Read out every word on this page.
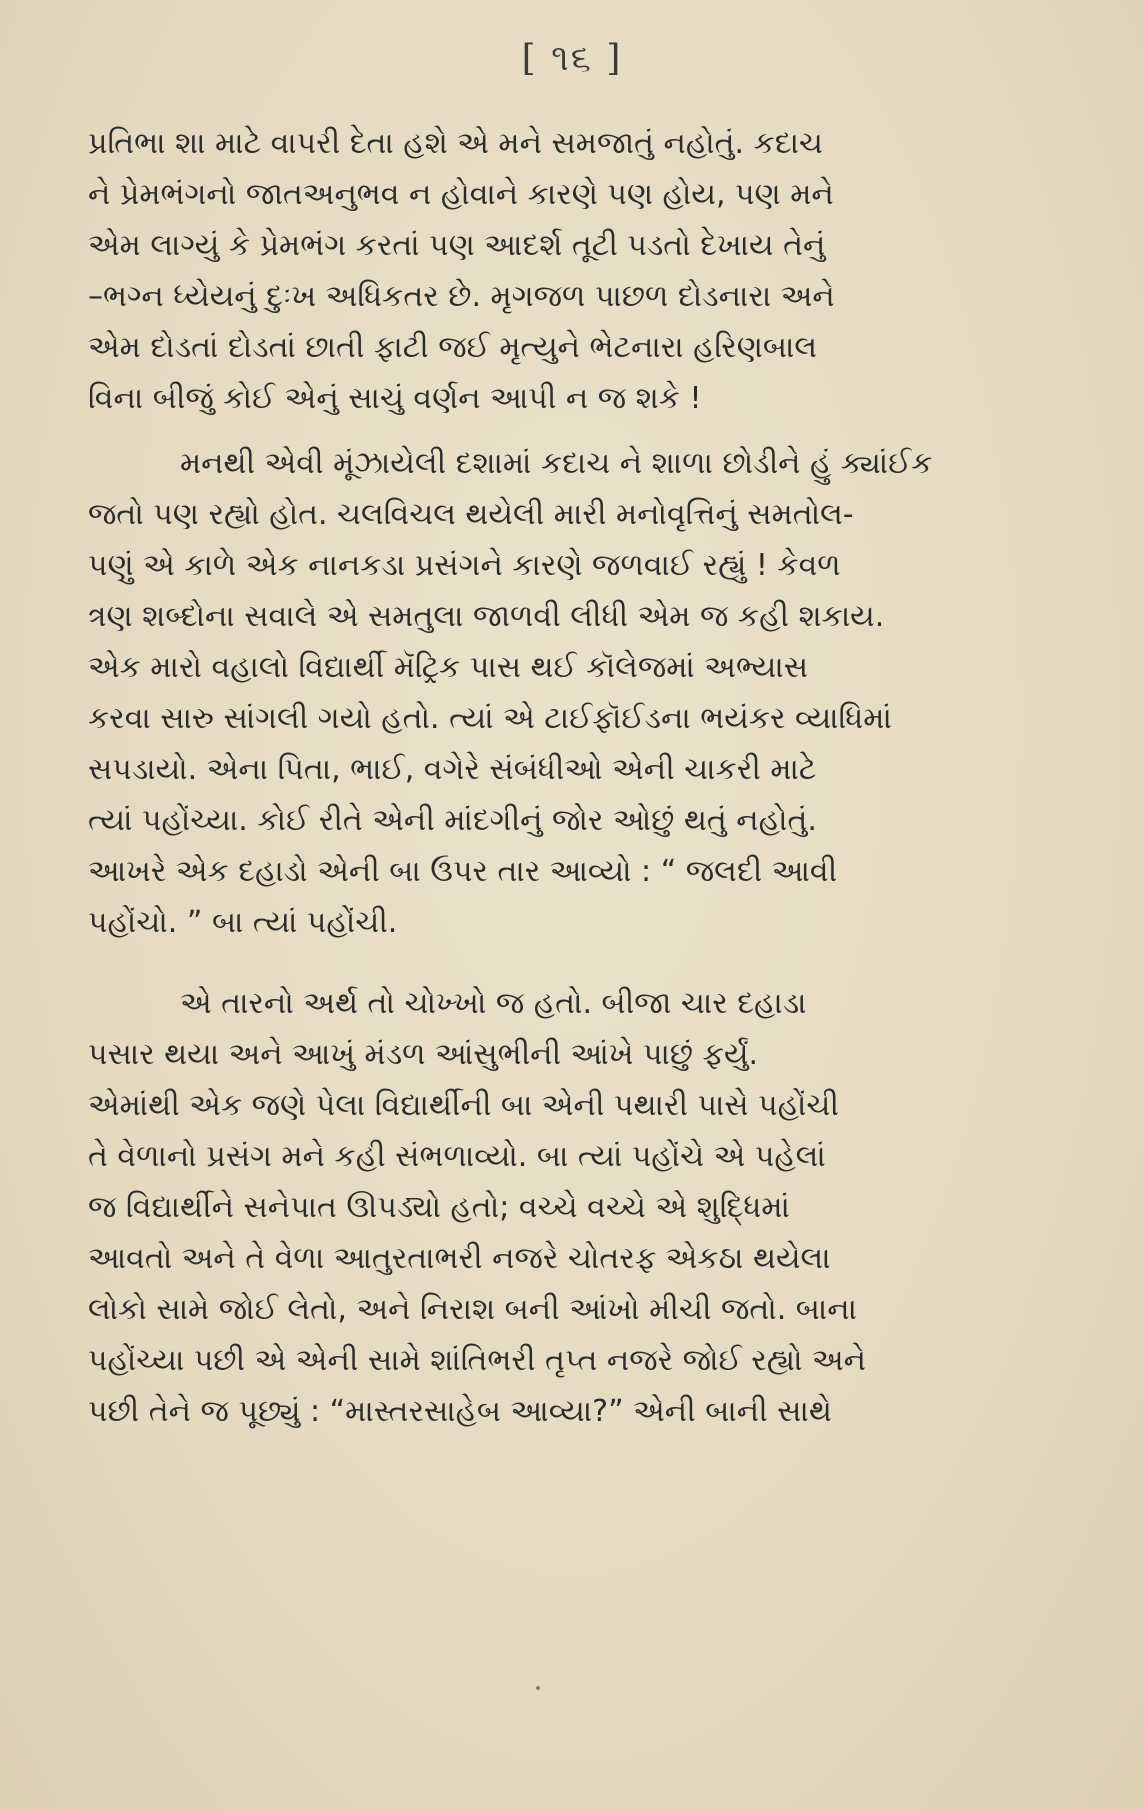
[ ૧૬ ]

પ્રતિભા શા માટે વાપરી દેતા હશે એ મને સમજાતું નહોતું. કદાચ
ને પ્રેમભંગનો જાતઅનુભવ ન હોવાને કારણે પણ હોય, પણ મને
એમ લાગ્યું કે પ્રેમભંગ કરતાં પણ આદર્શ તૂટી પડતો દેખાય તેનું
–ભગ્ન ધ્યેયનું દુઃખ અધિકતર છે. મૃગજળ પાછળ દોડનારા અને
એમ દોડતાં દોડતાં છાતી ફાટી જઈ મૃત્યુને ભેટનારા હરિણબાલ
વિના બીજું કોઈ એનું સાચું વર્ણન આપી ન જ શકે !

મનથી એવી મૂંઝાયેલી દશામાં કદાચ ને શાળા છોડીને હું ક્યાંઈક
જતો પણ રહ્યો હોત. ચલવિચલ થયેલી મારી મનોવૃત્તિનું સમતોલ-
પણું એ કાળે એક નાનકડા પ્રસંગને કારણે જળવાઈ રહ્યું ! કેવળ
ત્રણ શબ્દોના સવાલે એ સમતુલા જાળવી લીધી એમ જ કહી શકાય.
એક મારો વહાલો વિદ્યાર્થી મૅટ્રિક પાસ થઈ કૉલેજમાં અભ્યાસ
કરવા સારુ સાંગલી ગયો હતો. ત્યાં એ ટાઈફૉઈડના ભયંકર વ્યાધિમાં
સપડાયો. એના પિતા, ભાઈ, વગેરે સંબંધીઓ એની ચાકરી માટે
ત્યાં પહોંચ્યા. કોઈ રીતે એની માંદગીનું જોર ઓછું થતું નહોતું.
આખરે એક દહાડો એની બા ઉપર તાર આવ્યો : “ જલદી આવી
પહોંચો. ” બા ત્યાં પહોંચી.

એ તારનો અર્થ તો ચોખ્ખો જ હતો. બીજા ચાર દહાડા
પસાર થયા અને આખું મંડળ આંસુભીની આંખે પાછું ફર્યું.
એમાંથી એક જણે પેલા વિદ્યાર્થીની બા એની પથારી પાસે પહોંચી
તે વેળાનો પ્રસંગ મને કહી સંભળાવ્યો. બા ત્યાં પહોંચે એ પહેલાં
જ વિદ્યાર્થીને સનેપાત ઊપડ્યો હતો; વચ્ચે વચ્ચે એ શુદ્ધિમાં
આવતો અને તે વેળા આતુરતાભરી નજરે ચોતરફ એકઠા થયેલા
લોકો સામે જોઈ લેતો, અને નિરાશ બની આંખો મીચી જતો. બાના
પહોંચ્યા પછી એ એની સામે શાંતિભરી તૃપ્ત નજરે જોઈ રહ્યો અને
પછી તેને જ પૂછ્યું : “માસ્તરસાહેબ આવ્યા?” એની બાની સાથે
